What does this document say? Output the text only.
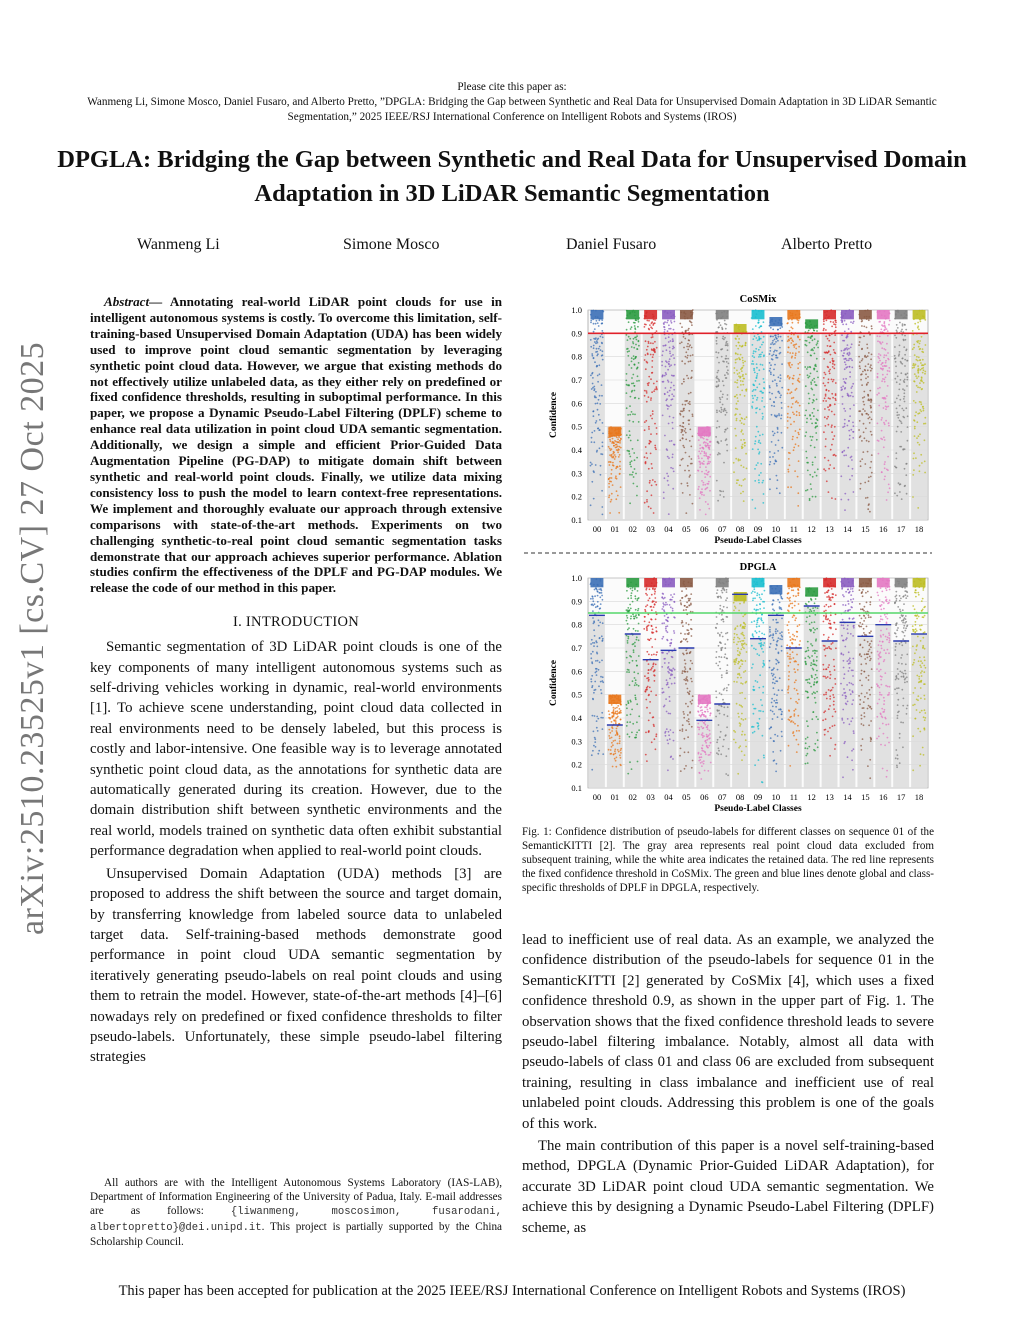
Please cite this paper as:
Wanmeng Li, Simone Mosco, Daniel Fusaro, and Alberto Pretto, ”DPGLA: Bridging the Gap between Synthetic and Real Data for Unsupervised Domain Adaptation in 3D LiDAR Semantic Segmentation,” 2025 IEEE/RSJ International Conference on Intelligent Robots and Systems (IROS)
DPGLA: Bridging the Gap between Synthetic and Real Data for Unsupervised Domain Adaptation in 3D LiDAR Semantic Segmentation
Wanmeng Li	Simone Mosco	Daniel Fusaro	Alberto Pretto
arXiv:2510.23525v1 [cs.CV] 27 Oct 2025

Abstract— Annotating real-world LiDAR point clouds for use in intelligent autonomous systems is costly. To overcome this limitation, self-training-based Unsupervised Domain Adaptation (UDA) has been widely used to improve point cloud semantic segmentation by leveraging synthetic point cloud data. However, we argue that existing methods do not effectively utilize unlabeled data, as they either rely on predefined or fixed confidence thresholds, resulting in suboptimal performance. In this paper, we propose a Dynamic Pseudo-Label Filtering (DPLF) scheme to enhance real data utilization in point cloud UDA semantic segmentation. Additionally, we design a simple and efficient Prior-Guided Data Augmentation Pipeline (PG-DAP) to mitigate domain shift between synthetic and real-world point clouds. Finally, we utilize data mixing consistency loss to push the model to learn context-free representations. We implement and thoroughly evaluate our approach through extensive comparisons with state-of-the-art methods. Experiments on two challenging synthetic-to-real point cloud semantic segmentation tasks demonstrate that our approach achieves superior performance. Ablation studies confirm the effectiveness of the DPLF and PG-DAP modules. We release the code of our method in this paper.

I. INTRODUCTION

Semantic segmentation of 3D LiDAR point clouds is one of the key components of many intelligent autonomous systems such as self-driving vehicles working in dynamic, real-world environments [1]. To achieve scene understanding, point cloud data collected in real environments need to be densely labeled, but this process is costly and labor-intensive. One feasible way is to leverage annotated synthetic point cloud data, as the annotations for synthetic data are automatically generated during its creation. However, due to the domain distribution shift between synthetic environments and the real world, models trained on synthetic data often exhibit substantial performance degradation when applied to real-world point clouds.

Unsupervised Domain Adaptation (UDA) methods [3] are proposed to address the shift between the source and target domain, by transferring knowledge from labeled source data to unlabeled target data. Self-training-based methods demonstrate good performance in point cloud UDA semantic segmentation by iteratively generating pseudo-labels on real point clouds and using them to retrain the model. However, state-of-the-art methods [4]–[6] nowadays rely on predefined or fixed confidence thresholds to filter pseudo-labels. Unfortunately, these simple pseudo-label filtering strategies

All authors are with the Intelligent Autonomous Systems Laboratory (IAS-LAB), Department of Information Engineering of the University of Padua, Italy. E-mail addresses are as follows: {liwanmeng, moscosimon, fusarodani, albertopretto}@dei.unipd.it. This project is partially supported by the China Scholarship Council.
CoSMix
0.1
0.2
0.3
0.4
0.5
0.6
0.7
0.8
0.9
1.0
Confidence
00 01 02 03 04 05 06 07 08 09 10 11 12 13 14 15 16 17 18
Pseudo-Label Classes
DPGLA
0.1
0.2
0.3
0.4
0.5
0.6
0.7
0.8
0.9
1.0
Confidence
00 01 02 03 04 05 06 07 08 09 10 11 12 13 14 15 16 17 18
Pseudo-Label Classes

Fig. 1: Confidence distribution of pseudo-labels for different classes on sequence 01 of the SemanticKITTI [2]. The gray area represents real point cloud data excluded from subsequent training, while the white area indicates the retained data. The red line represents the fixed confidence threshold in CoSMix. The green and blue lines denote global and class-specific thresholds of DPLF in DPGLA, respectively.

lead to inefficient use of real data. As an example, we analyzed the confidence distribution of the pseudo-labels for sequence 01 in the SemanticKITTI [2] generated by CoSMix [4], which uses a fixed confidence threshold 0.9, as shown in the upper part of Fig. 1. The observation shows that the fixed confidence threshold leads to severe pseudo-label filtering imbalance. Notably, almost all data with pseudo-labels of class 01 and class 06 are excluded from subsequent training, resulting in class imbalance and inefficient use of real unlabeled point clouds. Addressing this problem is one of the goals of this work.

The main contribution of this paper is a novel self-training-based method, DPGLA (Dynamic Prior-Guided LiDAR Adaptation), for accurate 3D LiDAR point cloud UDA semantic segmentation. We achieve this by designing a Dynamic Pseudo-Label Filtering (DPLF) scheme, as

This paper has been accepted for publication at the 2025 IEEE/RSJ International Conference on Intelligent Robots and Systems (IROS)
